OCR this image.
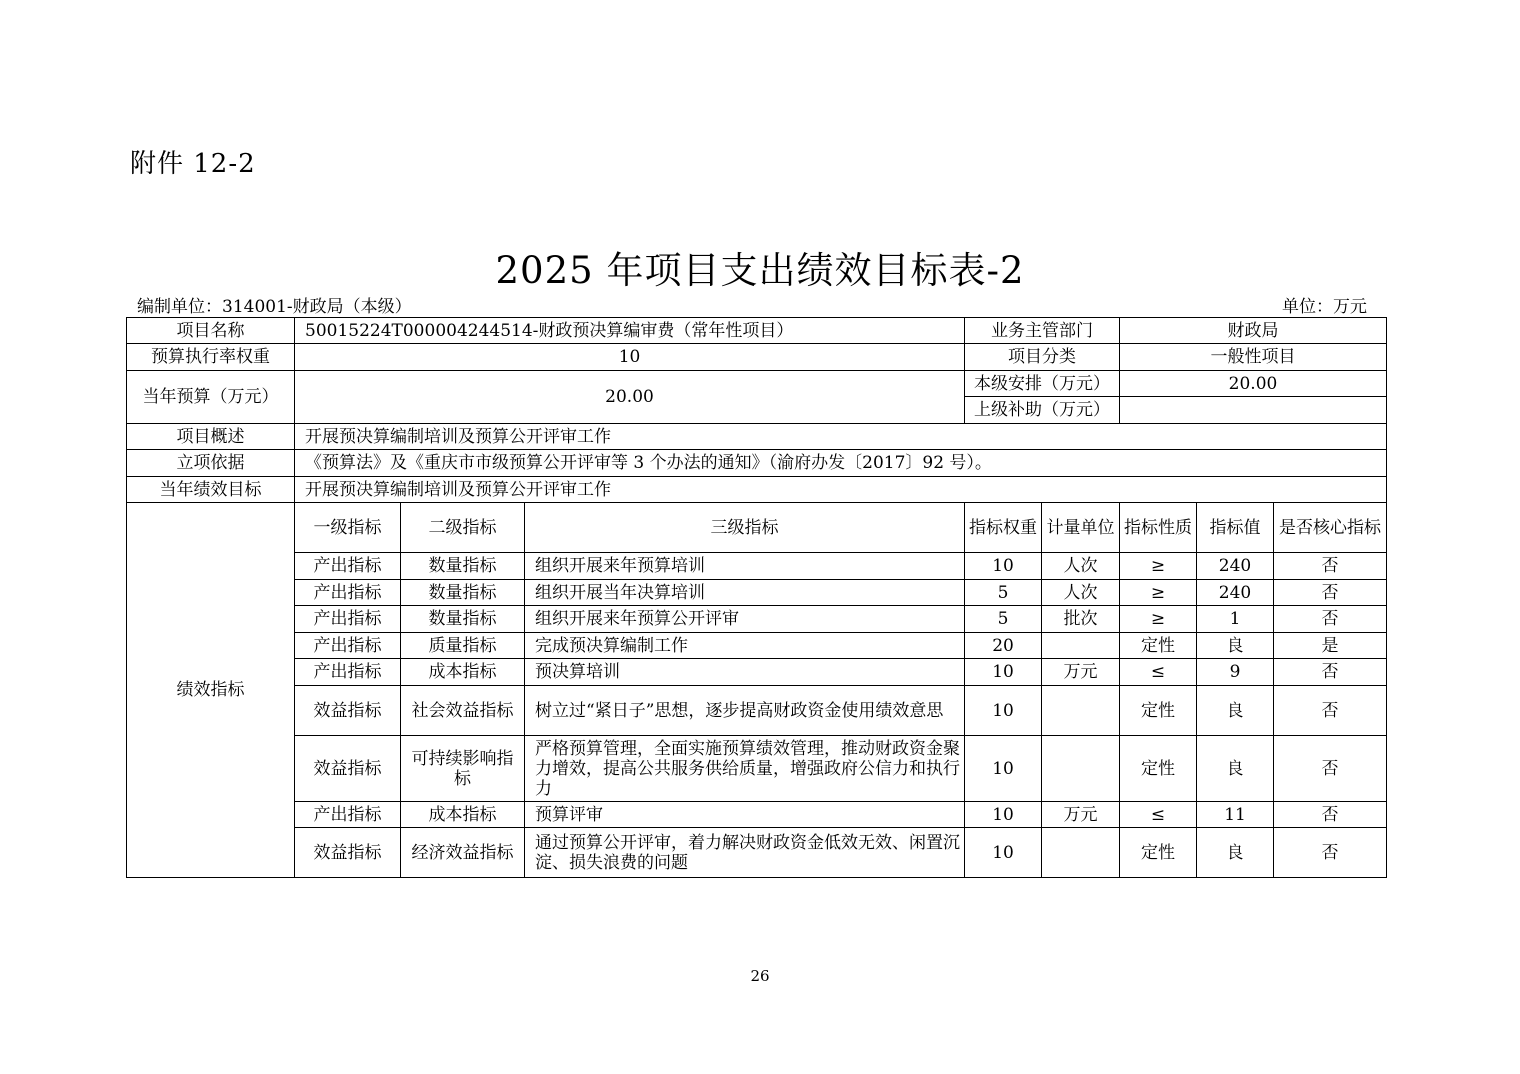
附件 12-2
2025 年项目支出绩效目标表-2
编制单位：314001-财政局（本级）	单位：万元
项目名称	50015224T000004244514-财政预决算编审费（常年性项目）			业务主管部门		财政局		
预算执行率权重	10			项目分类		一般性项目		
当年预算（万元）	20.00			本级安排（万元）		20.00		
				上级补助（万元）				
项目概述	开展预决算编制培训及预算公开评审工作							
立项依据	《预算法》及《重庆市市级预算公开评审等 3 个办法的通知》（渝府办发〔2017〕92 号）。							
当年绩效目标	开展预决算编制培训及预算公开评审工作							
绩效指标	一级指标	二级指标	三级指标	指标权重	计量单位	指标性质	指标值	是否核心指标
	产出指标	数量指标	组织开展来年预算培训	10	人次	≥	240	否
	产出指标	数量指标	组织开展当年决算培训	5	人次	≥	240	否
	产出指标	数量指标	组织开展来年预算公开评审	5	批次	≥	1	否
	产出指标	质量指标	完成预决算编制工作	20		定性	良	是
	产出指标	成本指标	预决算培训	10	万元	≤	9	否
	效益指标	社会效益指标	树立过“紧日子”思想，逐步提高财政资金使用绩效意思	10		定性	良	否
	效益指标	可持续影响指标	严格预算管理，全面实施预算绩效管理，推动财政资金聚力增效，提高公共服务供给质量，增强政府公信力和执行力	10		定性	良	否
	产出指标	成本指标	预算评审	10	万元	≤	11	否
	效益指标	经济效益指标	通过预算公开评审，着力解决财政资金低效无效、闲置沉淀、损失浪费的问题	10		定性	良	否
26
